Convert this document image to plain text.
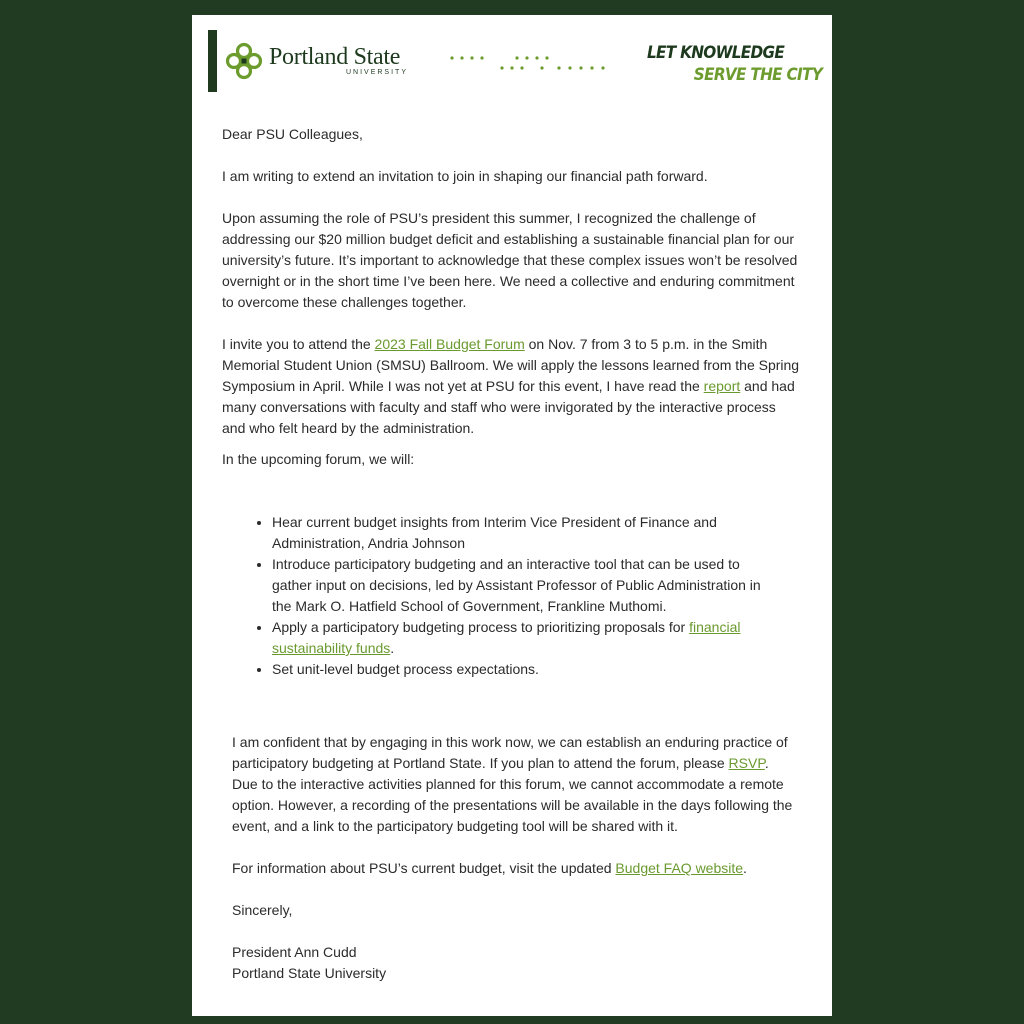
Portland State
UNIVERSITY
LET KNOWLEDGE
SERVE THE CITY

Dear PSU Colleagues,

I am writing to extend an invitation to join in shaping our financial path forward.

Upon assuming the role of PSU’s president this summer, I recognized the challenge of addressing our $20 million budget deficit and establishing a sustainable financial plan for our university’s future. It’s important to acknowledge that these complex issues won’t be resolved overnight or in the short time I’ve been here. We need a collective and enduring commitment to overcome these challenges together.

I invite you to attend the 2023 Fall Budget Forum on Nov. 7 from 3 to 5 p.m. in the Smith Memorial Student Union (SMSU) Ballroom. We will apply the lessons learned from the Spring Symposium in April. While I was not yet at PSU for this event, I have read the report and had many conversations with faculty and staff who were invigorated by the interactive process and who felt heard by the administration.

In the upcoming forum, we will:

• Hear current budget insights from Interim Vice President of Finance and Administration, Andria Johnson
• Introduce participatory budgeting and an interactive tool that can be used to gather input on decisions, led by Assistant Professor of Public Administration in the Mark O. Hatfield School of Government, Frankline Muthomi.
• Apply a participatory budgeting process to prioritizing proposals for financial sustainability funds.
• Set unit-level budget process expectations.

I am confident that by engaging in this work now, we can establish an enduring practice of participatory budgeting at Portland State. If you plan to attend the forum, please RSVP. Due to the interactive activities planned for this forum, we cannot accommodate a remote option. However, a recording of the presentations will be available in the days following the event, and a link to the participatory budgeting tool will be shared with it.

For information about PSU’s current budget, visit the updated Budget FAQ website.

Sincerely,

President Ann Cudd
Portland State University
